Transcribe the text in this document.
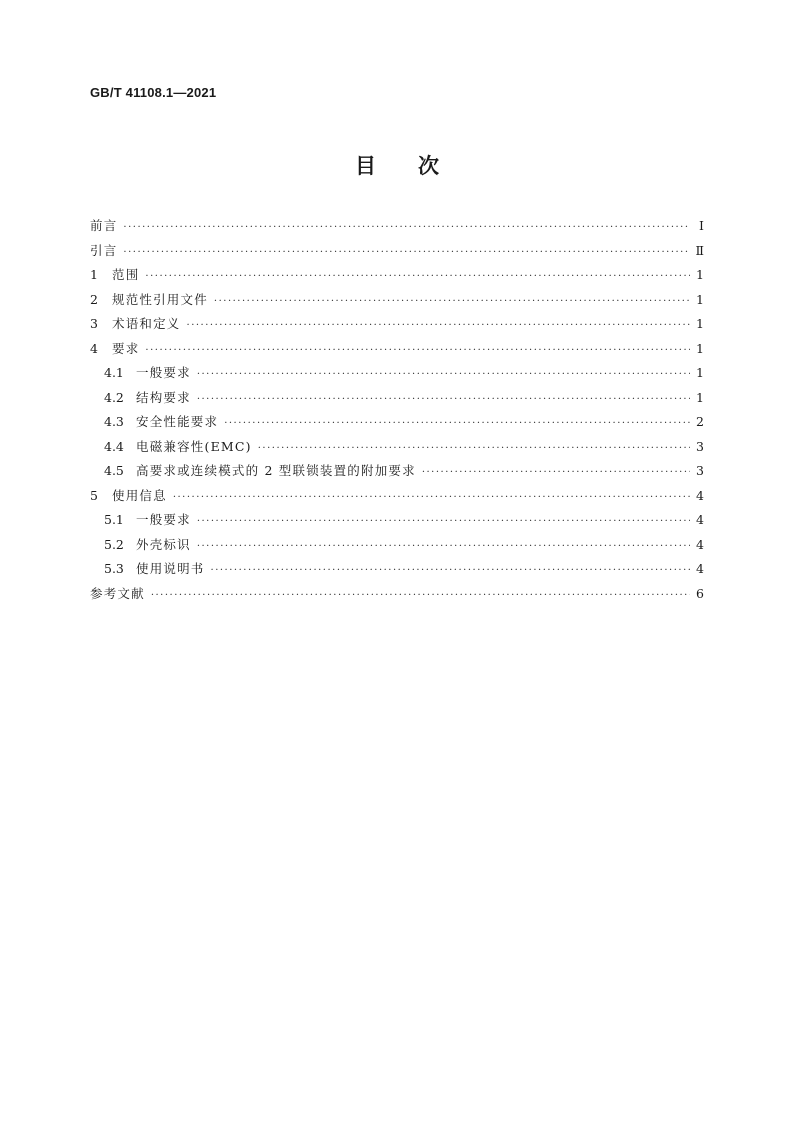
GB/T 41108.1—2021
目 次
前言 ·····	Ⅰ
引言 ·····	Ⅱ
1	范围 ·····	1
2	规范性引用文件 ·····	1
3	术语和定义 ·····	1
4	要求 ·····	1
4.1 一般要求 ·····	1
4.2 结构要求 ·····	1
4.3 安全性能要求 ·····	2
4.4 电磁兼容性(EMC) ·····	3
4.5 高要求或连续模式的 2 型联锁装置的附加要求 ·····	3
5	使用信息 ·····	4
5.1 一般要求 ·····	4
5.2 外壳标识 ·····	4
5.3 使用说明书 ·····	4
参考文献 ·····	6
